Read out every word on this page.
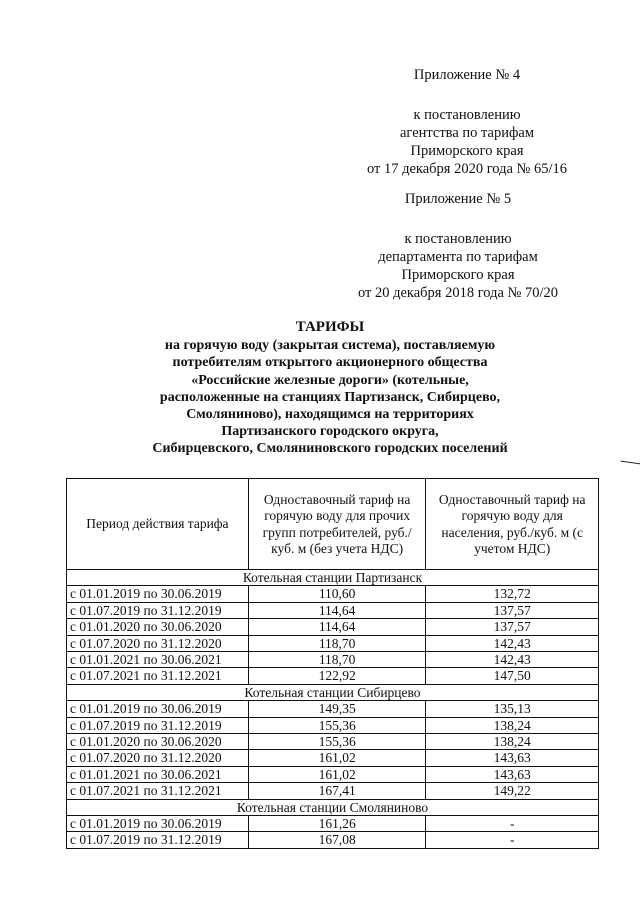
Приложение № 4
к постановлению
агентства по тарифам
Приморского края
от 17 декабря 2020 года № 65/16
Приложение № 5
к постановлению
департамента по тарифам
Приморского края
от 20 декабря 2018 года № 70/20
ТАРИФЫ
на горячую воду (закрытая система), поставляемую
потребителям открытого акционерного общества
«Российские железные дороги» (котельные,
расположенные на станциях Партизанск, Сибирцево,
Смоляниново), находящимся на территориях
Партизанского городского округа,
Сибирцевского, Смоляниновского городских поселений
Период действия тарифа	Одноставочный тариф на горячую воду для прочих групп потребителей, руб./куб. м (без учета НДС)	Одноставочный тариф на горячую воду для населения, руб./куб. м (с учетом НДС)
Котельная станции Партизанск		
с 01.01.2019 по 30.06.2019	110,60	132,72
с 01.07.2019 по 31.12.2019	114,64	137,57
с 01.01.2020 по 30.06.2020	114,64	137,57
с 01.07.2020 по 31.12.2020	118,70	142,43
с 01.01.2021 по 30.06.2021	118,70	142,43
с 01.07.2021 по 31.12.2021	122,92	147,50
Котельная станции Сибирцево		
с 01.01.2019 по 30.06.2019	149,35	135,13
с 01.07.2019 по 31.12.2019	155,36	138,24
с 01.01.2020 по 30.06.2020	155,36	138,24
с 01.07.2020 по 31.12.2020	161,02	143,63
с 01.01.2021 по 30.06.2021	161,02	143,63
с 01.07.2021 по 31.12.2021	167,41	149,22
Котельная станции Смоляниново		
с 01.01.2019 по 30.06.2019	161,26	-
с 01.07.2019 по 31.12.2019	167,08	-
